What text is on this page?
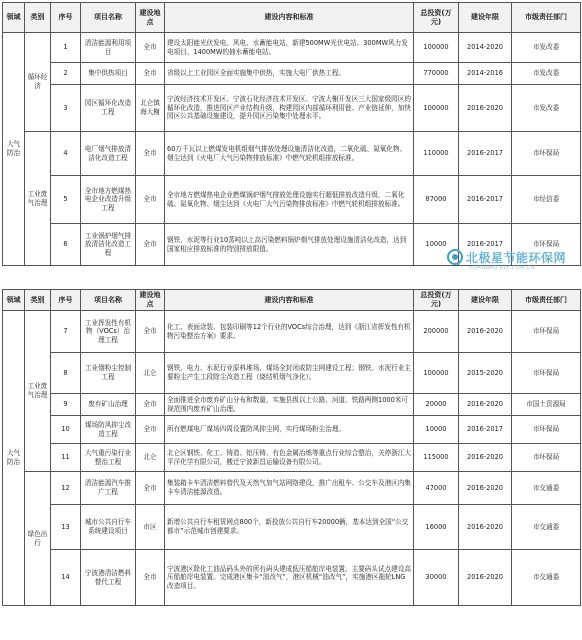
领域	类别	序号	项目名称	建设地点	建设内容和标准	总投资(万元)	建设年限	市级责任部门
大气防治	循环经济	1	清洁能源利用项目	全市	建设太阳能光伏发电、风电、水蓄能电站，新建500MW光伏电站、300MW风力发电项目、1400MW的抽水蓄能电站。	100000	2014-2020	市发改委
		2	集中供热项目	全市	省级以上工业园区全面实施集中供热，实施大电厂供热工程。	770000	2014-2016	市发改委
		3	园区循环化改造工程	北仑镇海大榭	宁波经济技术开发区、宁波石化经济技术开发区、宁波大榭开发区三大国家级园区的循环化改造，推进园区产业结构升级，构建园区内部循环利用链、产业链延伸，加快园区公共基础设施建设，提升园区污染集中处理水平。	100000	2016-2020	市发改委
	工业废气治理	4	电厂烟气排放清洁化改造工程	全市	60万千瓦以上燃煤发电机组烟气排放处理设施清洁化改造，二氧化硫、氮氧化物、烟尘达到《火电厂大气污染物排放标准》中燃气轮机组排放标准。	110000	2016-2017	市环保局
		5	全市地方燃煤热电企业改造升级工程	全市	全市地方燃煤热电企业燃煤锅炉烟气排放处理设施实行超低排放改造升级，二氧化硫、氮氧化物、烟尘达到《火电厂大气污染物排放标准》中燃气轮机组排放标准。	87000	2016-2017	市经信委
		6	工业锅炉烟气排放清洁化改造工程	全市	钢铁、水泥等行业10蒸吨以上高污染燃料锅炉烟气排放处理设施清洁化改造，达到国家相应排放标准的特别排放限值。	10000	2016-2017	市环保局
领域	类别	序号	项目名称	建设地点	建设内容和标准	总投资(万元)	建设年限	市级责任部门
大气防治	工业废气治理	7	工业挥发性有机物（VOCs）治理工程	全市	化工、表面涂装、包装印刷等12个行业的VOCs综合治理，达到《浙江省挥发性有机物污染整治方案》要求。	200000	2016-2020	市环保局
		8	工业烟粉尘控制工程	北仑	钢铁、电力、水泥行业原料堆场、煤场全封闭或防尘网建设工程；钢铁、水泥行业主要粉尘产生工段除尘改造工程（烧结机烟气净化）。	100000	2015-2020	市环保局
		9	废弃矿山治理	全市	全面推进全市废弃矿山分布和数量，实施县级以上公路、河道、铁路两侧1000米可视范围内废弃矿山治理。	20000	2016-2020	市国土资源局
		10	煤场防风抑尘改造工程	全市	所有燃煤电厂煤场四周设置防风抑尘网，实行煤场粉尘治理。	10000	2016-2017	市环保局
		11	大气重污染行业整治工程	北仑	北仑区钢铁、化工、铸造、铝压铸、有色金属冶炼等重点行业综合整治，关停浙江大平洋化学有限公司，搬迁宁波新昌运输设备有限公司。	115000	2016-2020	市环保局
	绿色出行	12	清洁能源汽车推广工程	全市	集装箱卡车清洁燃料替代及天然气加气站网络建设，推广出租车、公交车及港区内集卡车清洁能源改造。	47000	2016-2020	市交通委
		13	城市公共自行车系统建设项目	市区	新增公共自行车租赁网点800个，新投放公共自行车20000辆，基本达到全国“公交都市”示范城市创建要求。	16000	2016-2020	市交通委
		14	宁波港清洁燃料替代工程	全市	宁波港区除化工油品码头外的所有码头建成低压船舶岸电装置，主要码头试点建设高压船舶岸电装置。完成港区集卡“油改气”，港区机械“油改气”，实施港区拖轮LNG改造项目。	30000	2016-2020	市交通委
北极星节能环保网
HUANBAO.BJX.COM.CN
